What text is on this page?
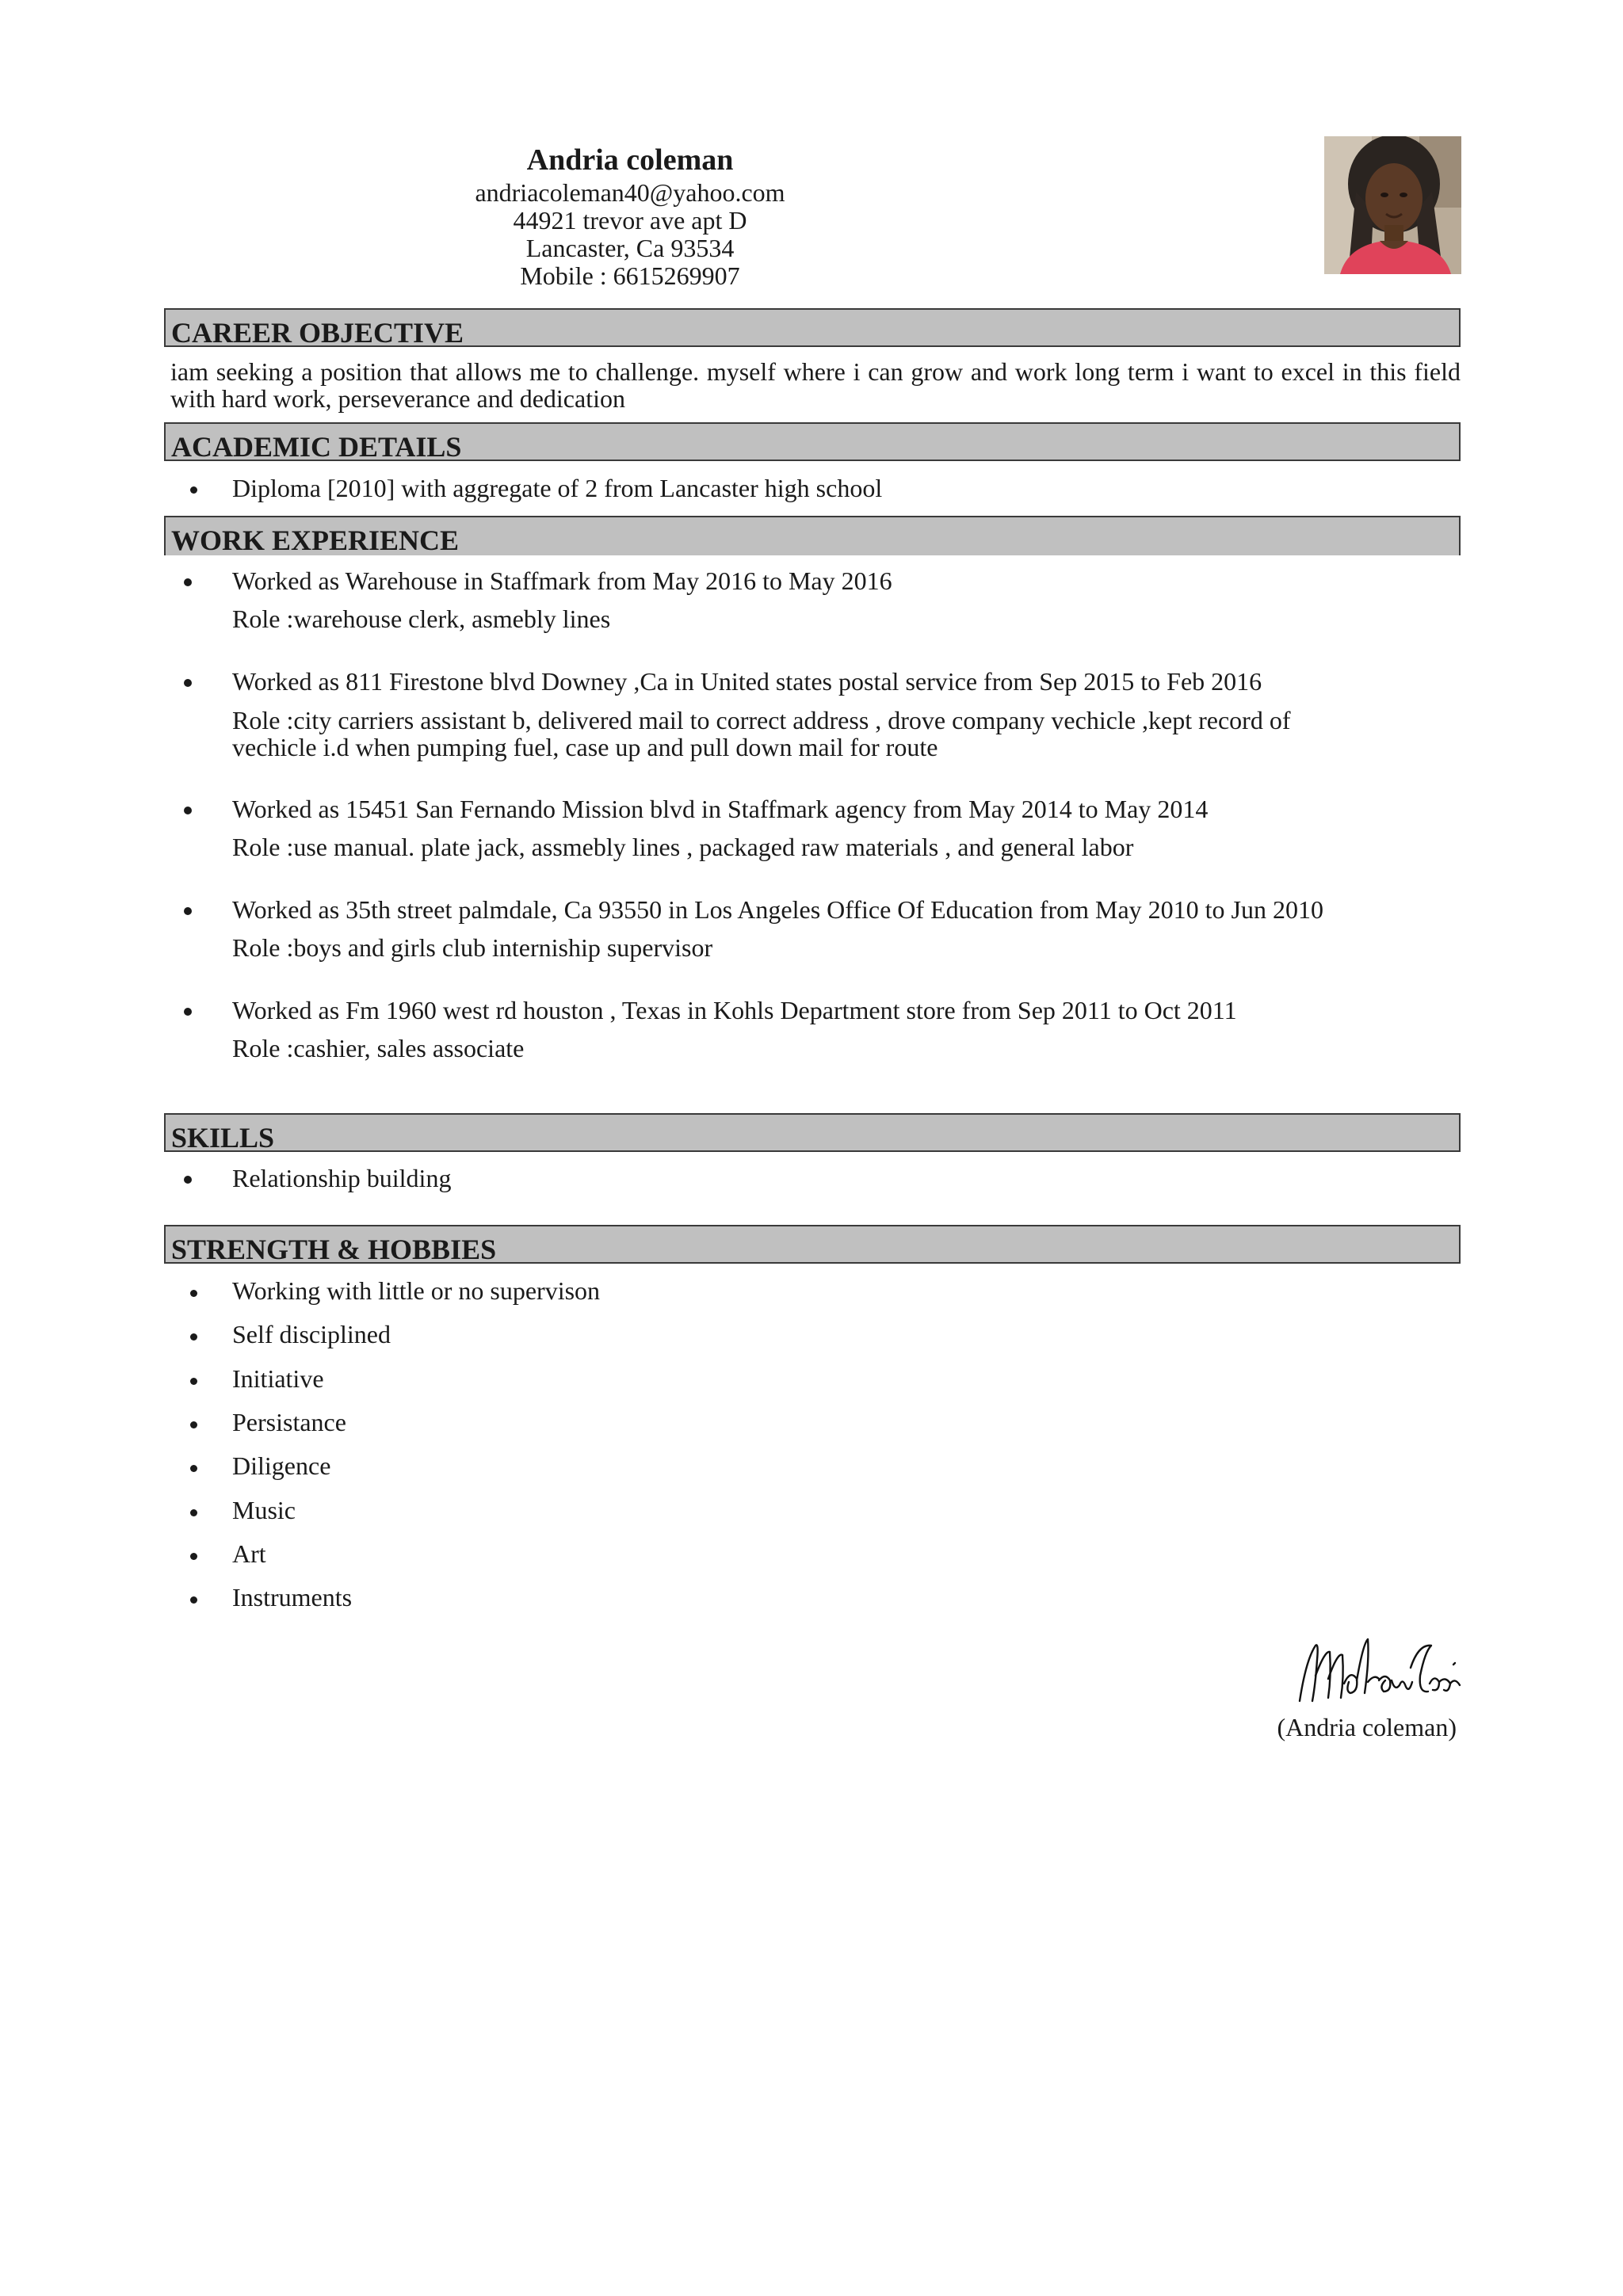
Andria coleman
andriacoleman40@yahoo.com
44921 trevor ave apt D
Lancaster, Ca 93534
Mobile : 6615269907
CAREER OBJECTIVE
iam seeking a position that allows me to challenge. myself where i can grow and work long term i want to excel in this field with hard work, perseverance and dedication
ACADEMIC DETAILS
Diploma [2010] with aggregate of 2 from Lancaster high school
WORK EXPERIENCE
Worked as Warehouse in Staffmark from May 2016 to May 2016
Role :warehouse clerk, asmebly lines
Worked as 811 Firestone blvd Downey ,Ca in United states postal service from Sep 2015 to Feb 2016
Role :city carriers assistant b, delivered mail to correct address , drove company vechicle ,kept record of vechicle i.d when pumping fuel, case up and pull down mail for route
Worked as 15451 San Fernando Mission blvd in Staffmark agency from May 2014 to May 2014
Role :use manual. plate jack, assmebly lines , packaged raw materials , and general labor
Worked as 35th street palmdale, Ca 93550 in Los Angeles Office Of Education from May 2010 to Jun 2010
Role :boys and girls club interniship supervisor
Worked as Fm 1960 west rd houston , Texas in Kohls Department store from Sep 2011 to Oct 2011
Role :cashier, sales associate
SKILLS
Relationship building
STRENGTH & HOBBIES
Working with little or no supervison
Self disciplined
Initiative
Persistance
Diligence
Music
Art
Instruments
(Andria coleman)
